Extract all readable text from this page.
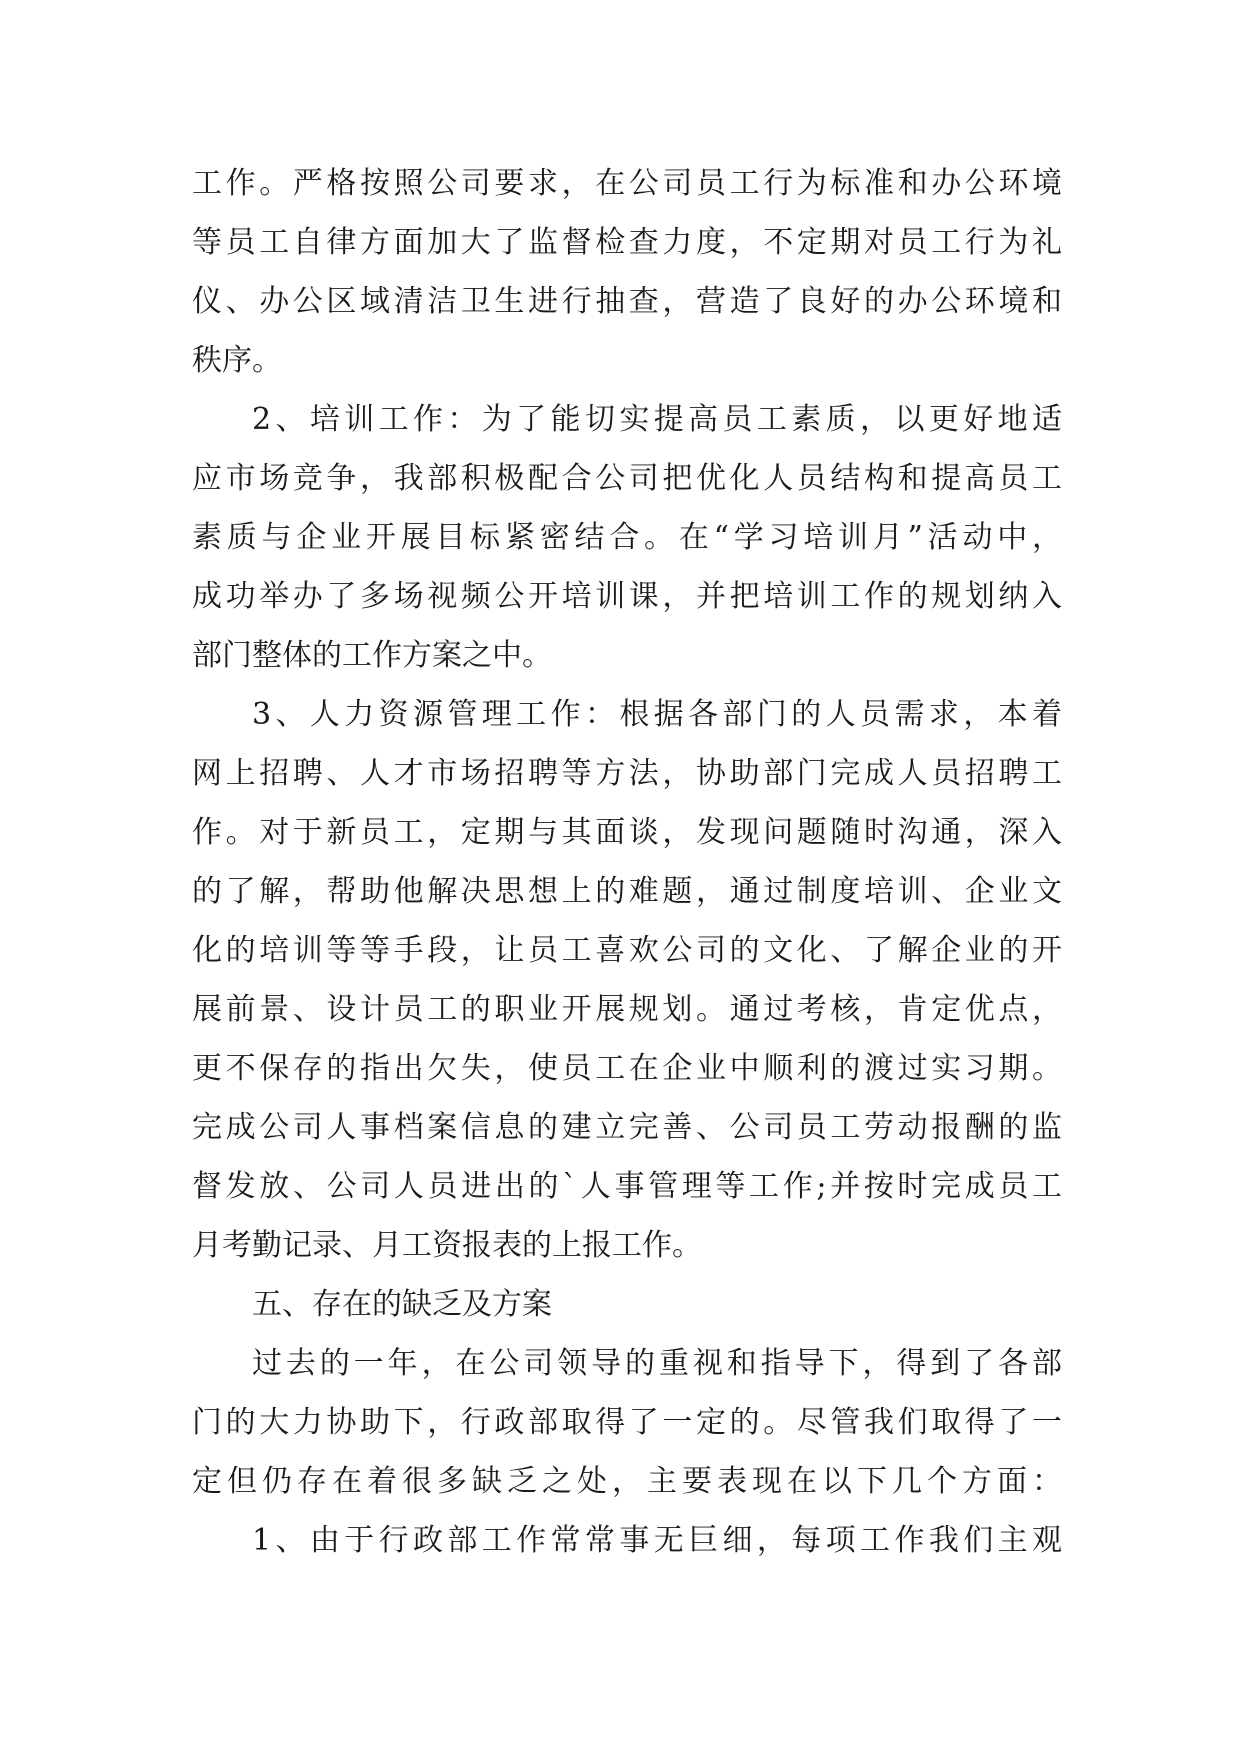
工作。严格按照公司要求，在公司员工行为标准和办公环境
等员工自律方面加大了监督检查力度，不定期对员工行为礼
仪、办公区域清洁卫生进行抽查，营造了良好的办公环境和
秩序。
2、培训工作：为了能切实提高员工素质，以更好地适
应市场竞争，我部积极配合公司把优化人员结构和提高员工
素质与企业开展目标紧密结合。在“学习培训月”活动中，
成功举办了多场视频公开培训课，并把培训工作的规划纳入
部门整体的工作方案之中。
3、人力资源管理工作：根据各部门的人员需求，本着
网上招聘、人才市场招聘等方法，协助部门完成人员招聘工
作。对于新员工，定期与其面谈，发现问题随时沟通，深入
的了解，帮助他解决思想上的难题，通过制度培训、企业文
化的培训等等手段，让员工喜欢公司的文化、了解企业的开
展前景、设计员工的职业开展规划。通过考核，肯定优点，
更不保存的指出欠失，使员工在企业中顺利的渡过实习期。
完成公司人事档案信息的建立完善、公司员工劳动报酬的监
督发放、公司人员进出的`人事管理等工作;并按时完成员工
月考勤记录、月工资报表的上报工作。
五、存在的缺乏及方案
过去的一年，在公司领导的重视和指导下，得到了各部
门的大力协助下，行政部取得了一定的。尽管我们取得了一
定但仍存在着很多缺乏之处，主要表现在以下几个方面：
1、由于行政部工作常常事无巨细，每项工作我们主观
